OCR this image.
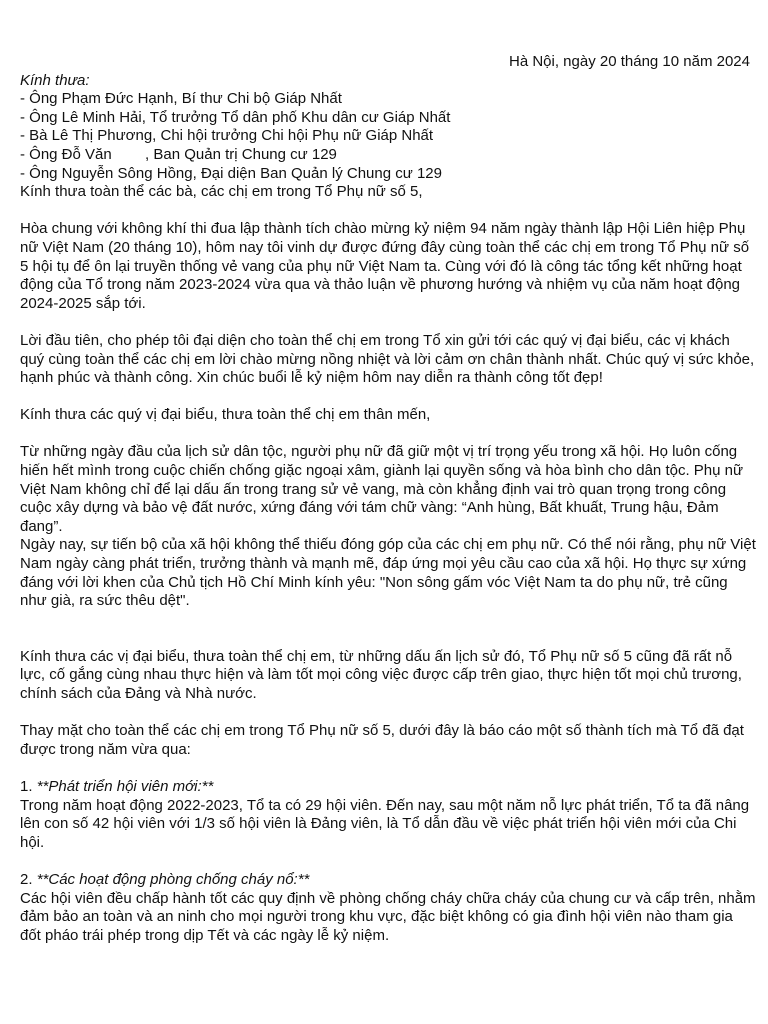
Hà Nội, ngày 20 tháng 10 năm 2024

Kính thưa:

- Ông Phạm Đức Hạnh, Bí thư Chi bộ Giáp Nhất

- Ông Lê Minh Hải, Tổ trưởng Tổ dân phố Khu dân cư Giáp Nhất

- Bà Lê Thị Phương, Chi hội trưởng Chi hội Phụ nữ Giáp Nhất

- Ông Đỗ Văn        , Ban Quản trị Chung cư 129

- Ông Nguyễn Sông Hồng, Đại diện Ban Quản lý Chung cư 129

Kính thưa toàn thể các bà, các chị em trong Tổ Phụ nữ số 5,

Hòa chung với không khí thi đua lập thành tích chào mừng kỷ niệm 94 năm ngày thành lập Hội Liên hiệp Phụ nữ Việt Nam (20 tháng 10), hôm nay tôi vinh dự được đứng đây cùng toàn thể các chị em trong Tổ Phụ nữ số 5 hội tụ để ôn lại truyền thống vẻ vang của phụ nữ Việt Nam ta. Cùng với đó là công tác tổng kết những hoạt động của Tổ trong năm 2023-2024 vừa qua và thảo luận về phương hướng và nhiệm vụ của năm hoạt động 2024-2025 sắp tới.

Lời đầu tiên, cho phép tôi đại diện cho toàn thể chị em trong Tổ xin gửi tới các quý vị đại biểu, các vị khách quý cùng toàn thể các chị em lời chào mừng nồng nhiệt và lời cảm ơn chân thành nhất. Chúc quý vị sức khỏe, hạnh phúc và thành công. Xin chúc buổi lễ kỷ niệm hôm nay diễn ra thành công tốt đẹp!

Kính thưa các quý vị đại biểu, thưa toàn thể chị em thân mến,

Từ những ngày đầu của lịch sử dân tộc, người phụ nữ đã giữ một vị trí trọng yếu trong xã hội. Họ luôn cống hiến hết mình trong cuộc chiến chống giặc ngoại xâm, giành lại quyền sống và hòa bình cho dân tộc. Phụ nữ Việt Nam không chỉ để lại dấu ấn trong trang sử vẻ vang, mà còn khẳng định vai trò quan trọng trong công cuộc xây dựng và bảo vệ đất nước, xứng đáng với tám chữ vàng: “Anh hùng, Bất khuất, Trung hậu, Đảm đang”.

Ngày nay, sự tiến bộ của xã hội không thể thiếu đóng góp của các chị em phụ nữ. Có thể nói rằng, phụ nữ Việt Nam ngày càng phát triển, trưởng thành và mạnh mẽ, đáp ứng mọi yêu cầu cao của xã hội. Họ thực sự xứng đáng với lời khen của Chủ tịch Hồ Chí Minh kính yêu: "Non sông gấm vóc Việt Nam ta do phụ nữ, trẻ cũng như già, ra sức thêu dệt".

Kính thưa các vị đại biểu, thưa toàn thể chị em, từ những dấu ấn lịch sử đó, Tổ Phụ nữ số 5 cũng đã rất nỗ lực, cố gắng cùng nhau thực hiện và làm tốt mọi công việc được cấp trên giao, thực hiện tốt mọi chủ trương, chính sách của Đảng và Nhà nước.

Thay mặt cho toàn thể các chị em trong Tổ Phụ nữ số 5, dưới đây là báo cáo một số thành tích mà Tổ đã đạt được trong năm vừa qua:

1. **Phát triển hội viên mới:**

Trong năm hoạt động 2022-2023, Tổ ta có 29 hội viên. Đến nay, sau một năm nỗ lực phát triển, Tổ ta đã nâng lên con số 42 hội viên với 1/3 số hội viên là Đảng viên, là Tổ dẫn đầu về việc phát triển hội viên mới của Chi hội.

2. **Các hoạt động phòng chống cháy nổ:**

Các hội viên đều chấp hành tốt các quy định về phòng chống cháy chữa cháy của chung cư và cấp trên, nhằm đảm bảo an toàn và an ninh cho mọi người trong khu vực, đặc biệt không có gia đình hội viên nào tham gia đốt pháo trái phép trong dịp Tết và các ngày lễ kỷ niệm.
